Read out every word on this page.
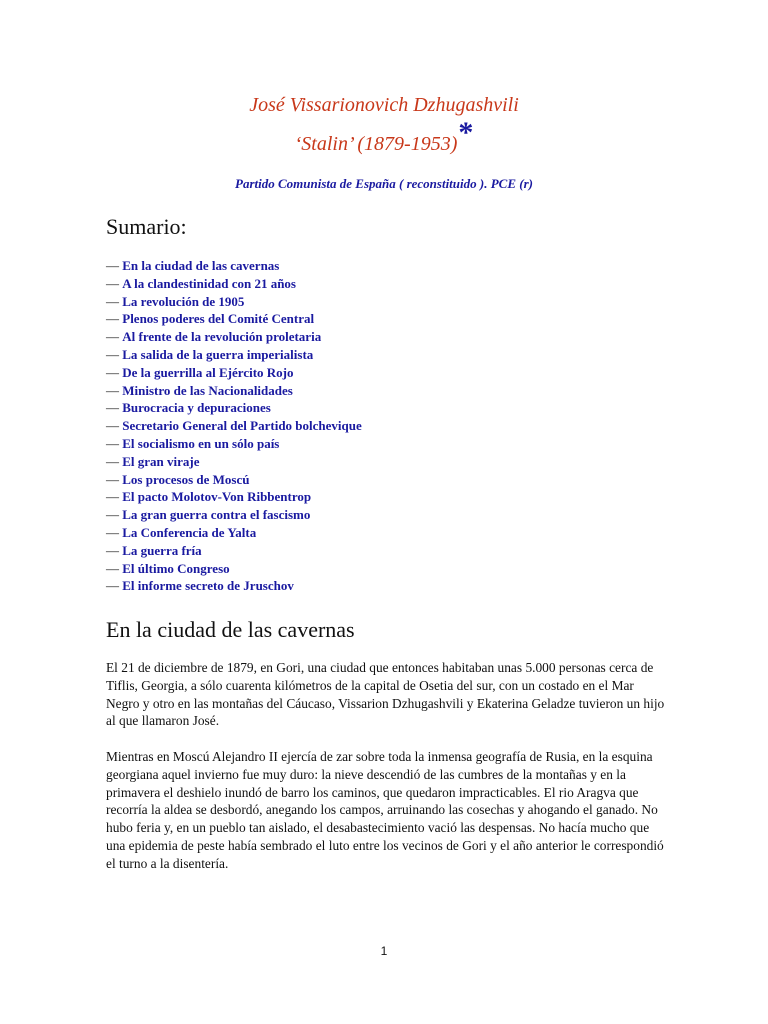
José Vissarionovich Dzhugashvili
‘Stalin’ (1879-1953)*
Partido Comunista de España ( reconstituido ). PCE (r)
Sumario:
— En la ciudad de las cavernas
— A la clandestinidad con 21 años
— La revolución de 1905
— Plenos poderes del Comité Central
— Al frente de la revolución proletaria
— La salida de la guerra imperialista
— De la guerrilla al Ejército Rojo
— Ministro de las Nacionalidades
— Burocracia y depuraciones
— Secretario General del Partido bolchevique
— El socialismo en un sólo país
— El gran viraje
— Los procesos de Moscú
— El pacto Molotov-Von Ribbentrop
— La gran guerra contra el fascismo
— La Conferencia de Yalta
— La guerra fría
— El último Congreso
— El informe secreto de Jruschov
En la ciudad de las cavernas

El 21 de diciembre de 1879, en Gori, una ciudad que entonces habitaban unas 5.000 personas cerca de Tiflis, Georgia, a sólo cuarenta kilómetros de la capital de Osetia del sur, con un costado en el Mar Negro y otro en las montañas del Cáucaso, Vissarion Dzhugashvili y Ekaterina Geladze tuvieron un hijo al que llamaron José.

Mientras en Moscú Alejandro II ejercía de zar sobre toda la inmensa geografía de Rusia, en la esquina georgiana aquel invierno fue muy duro: la nieve descendió de las cumbres de la montañas y en la primavera el deshielo inundó de barro los caminos, que quedaron impracticables. El rio Aragva que recorría la aldea se desbordó, anegando los campos, arruinando las cosechas y ahogando el ganado. No hubo feria y, en un pueblo tan aislado, el desabastecimiento vació las despensas. No hacía mucho que una epidemia de peste había sembrado el luto entre los vecinos de Gori y el año anterior le correspondió el turno a la disentería.

1
